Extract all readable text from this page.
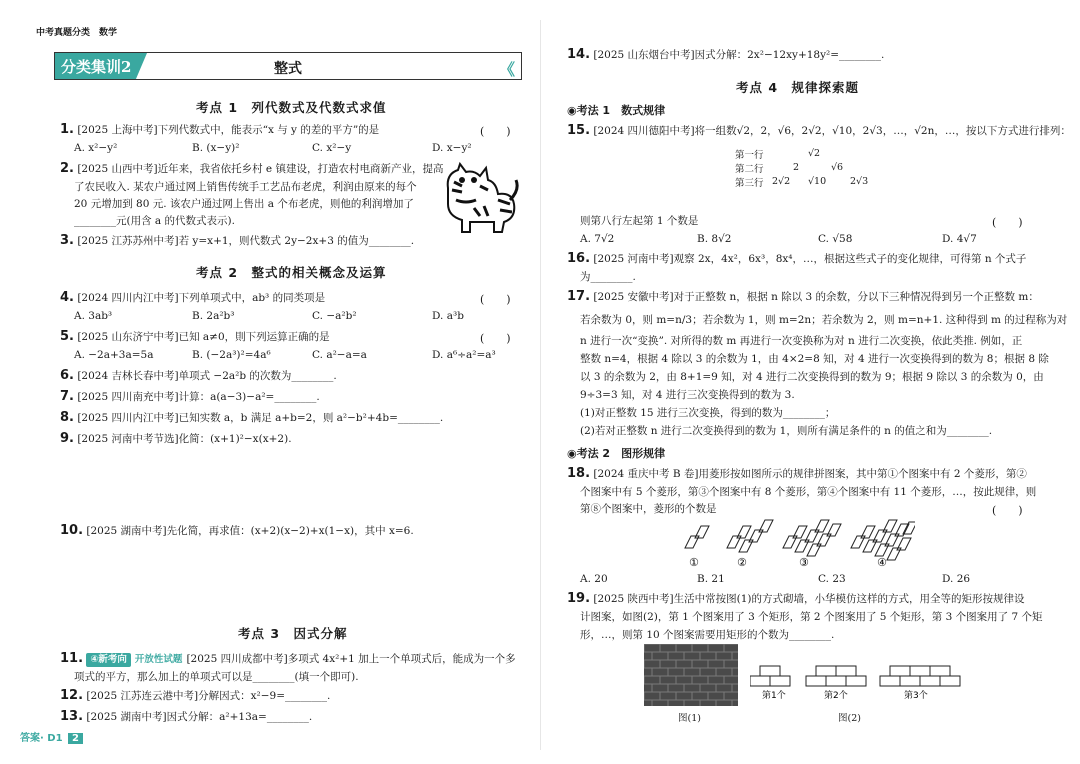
中考真题分类　数学
分类集训2	整式	《
考点 1　列代数式及代数式求值
1. [2025 上海中考]下列代数式中，能表示“x 与 y 的差的平方”的是	(　　)
A. x²−y²	B. (x−y)²	C. x²−y	D. x−y²
2. [2025 山西中考]近年来，我省依托乡村 e 镇建设，打造农村电商新产业，提高
了农民收入. 某农户通过网上销售传统手工艺品布老虎，利润由原来的每个
20 元增加到 80 元. 该农户通过网上售出 a 个布老虎，则他的利润增加了
________元(用含 a 的代数式表示).
3. [2025 江苏苏州中考]若 y=x+1，则代数式 2y−2x+3 的值为________.
考点 2　整式的相关概念及运算
4. [2024 四川内江中考]下列单项式中，ab³ 的同类项是	(　　)
A. 3ab³	B. 2a²b³	C. −a²b²	D. a³b
5. [2025 山东济宁中考]已知 a≠0，則下列运算正确的是	(　　)
A. −2a+3a=5a	B. (−2a³)²=4a⁶	C. a²−a=a	D. a⁶÷a²=a³
6. [2024 吉林长春中考]单项式 −2a²b 的次数为________.
7. [2025 四川南充中考]计算：a(a−3)−a²=________.
8. [2025 四川内江中考]已知实数 a，b 满足 a+b=2，则 a²−b²+4b=________.
9. [2025 河南中考节选]化简：(x+1)²−x(x+2).
10. [2025 湖南中考]先化简，再求值：(x+2)(x−2)+x(1−x)，其中 x=6.
考点 3　因式分解
11. ④新考向 开放性试题 [2025 四川成都中考]多项式 4x²+1 加上一个单项式后，能成为一个多
项式的平方，那么加上的单项式可以是________(填一个即可).
12. [2025 江苏连云港中考]分解因式：x²−9=________.
13. [2025 湖南中考]因式分解：a²+13a=________.
答案· D1 2
14. [2025 山东烟台中考]因式分解：2x²−12xy+18y²=________.
考点 4　规律探索题
◉考法 1　数式规律
15. [2024 四川德阳中考]将一组数√2，2，√6，2√2，√10，2√3，…，√2n，…，按以下方式进行排列：
第一行	√2
第二行	2	√6
第三行 2√2 √10	2√3
则第八行左起第 1 个数是	(　　)
A. 7√2	B. 8√2	C. √58	D. 4√7
16. [2025 河南中考]观察 2x，4x²，6x³，8x⁴，…，根据这些式子的变化规律，可得第 n 个式子
为________.
17. [2025 安徽中考]对于正整数 n，根据 n 除以 3 的余数，分以下三种情况得到另一个正整数 m：
若余数为 0，则 m=n/3；若余数为 1，则 m=2n；若余数为 2，则 m=n+1. 这种得到 m 的过程称为对
n 进行一次“变换”. 对所得的数 m 再进行一次变换称为对 n 进行二次变换，依此类推. 例如，正
整数 n=4，根据 4 除以 3 的余数为 1，由 4×2=8 知，对 4 进行一次变换得到的数为 8；根据 8 除
以 3 的余数为 2，由 8+1=9 知，对 4 进行二次变换得到的数为 9；根据 9 除以 3 的余数为 0，由
9÷3=3 知，对 4 进行三次变换得到的数为 3.
(1)对正整数 15 进行三次变换，得到的数为________；
(2)若对正整数 n 进行二次变换得到的数为 1，则所有满足条件的 n 的值之和为________.
◉考法 2　图形规律
18. [2024 重庆中考 B 卷]用菱形按如图所示的规律拼图案，其中第①个图案中有 2 个菱形，第②
个图案中有 5 个菱形，第③个图案中有 8 个菱形，第④个图案中有 11 个菱形，…，按此规律，则
第⑧个图案中，菱形的个数是	(　　)
①	②	③	④
A. 20	B. 21	C. 23	D. 26
19. [2025 陕西中考]生活中常按图(1)的方式砌墙，小华模仿这样的方式，用全等的矩形按规律设
计图案，如图(2)，第 1 个图案用了 3 个矩形，第 2 个图案用了 5 个矩形，第 3 个图案用了 7 个矩
形，…，则第 10 个图案需要用矩形的个数为________.
图(1)
第1个	第2个	第3个
图(2)
